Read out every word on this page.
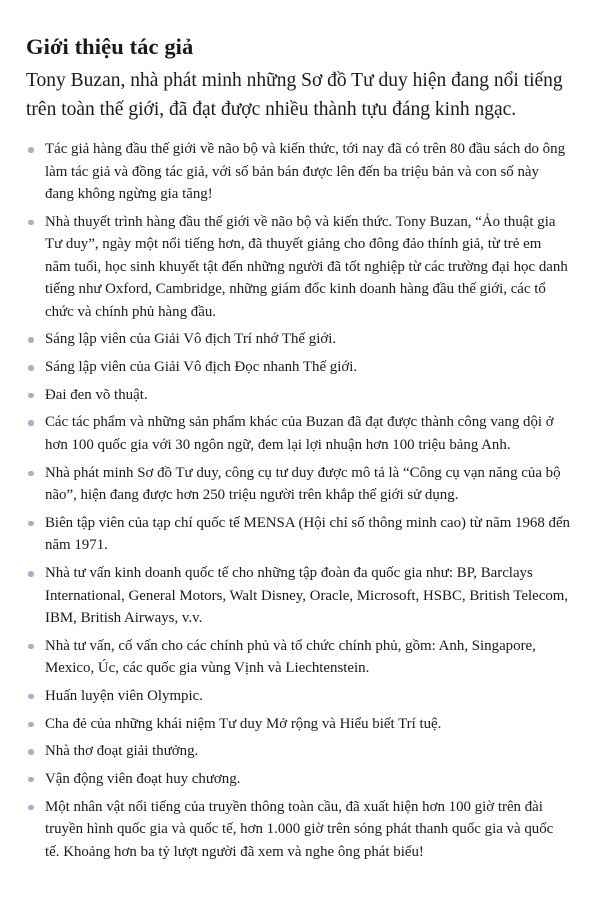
Giới thiệu tác giả

Tony Buzan, nhà phát minh những Sơ đồ Tư duy hiện đang nổi tiếng trên toàn thế giới, đã đạt được nhiều thành tựu đáng kinh ngạc.

Tác giả hàng đầu thế giới về não bộ và kiến thức, tới nay đã có trên 80 đầu sách do ông làm tác giả và đồng tác giả, với số bản bán được lên đến ba triệu bản và con số này đang không ngừng gia tăng!
Nhà thuyết trình hàng đầu thế giới về não bộ và kiến thức. Tony Buzan, “Ảo thuật gia Tư duy”, ngày một nổi tiếng hơn, đã thuyết giảng cho đông đảo thính giả, từ trẻ em năm tuổi, học sinh khuyết tật đến những người đã tốt nghiệp từ các trường đại học danh tiếng như Oxford, Cambridge, những giám đốc kinh doanh hàng đầu thế giới, các tổ chức và chính phủ hàng đầu.
Sáng lập viên của Giải Vô địch Trí nhớ Thế giới.
Sáng lập viên của Giải Vô địch Đọc nhanh Thế giới.
Đai đen võ thuật.
Các tác phẩm và những sản phẩm khác của Buzan đã đạt được thành công vang dội ở hơn 100 quốc gia với 30 ngôn ngữ, đem lại lợi nhuận hơn 100 triệu bảng Anh.
Nhà phát minh Sơ đồ Tư duy, công cụ tư duy được mô tả là “Công cụ vạn năng của bộ não”, hiện đang được hơn 250 triệu người trên khắp thế giới sử dụng.
Biên tập viên của tạp chí quốc tế MENSA (Hội chỉ số thông minh cao) từ năm 1968 đến năm 1971.
Nhà tư vấn kinh doanh quốc tế cho những tập đoàn đa quốc gia như: BP, Barclays International, General Motors, Walt Disney, Oracle, Microsoft, HSBC, British Telecom, IBM, British Airways, v.v.
Nhà tư vấn, cố vấn cho các chính phủ và tổ chức chính phủ, gồm: Anh, Singapore, Mexico, Úc, các quốc gia vùng Vịnh và Liechtenstein.
Huấn luyện viên Olympic.
Cha đẻ của những khái niệm Tư duy Mở rộng và Hiểu biết Trí tuệ.
Nhà thơ đoạt giải thưởng.
Vận động viên đoạt huy chương.
Một nhân vật nổi tiếng của truyền thông toàn cầu, đã xuất hiện hơn 100 giờ trên đài truyền hình quốc gia và quốc tế, hơn 1.000 giờ trên sóng phát thanh quốc gia và quốc tế. Khoảng hơn ba tỷ lượt người đã xem và nghe ông phát biểu!
